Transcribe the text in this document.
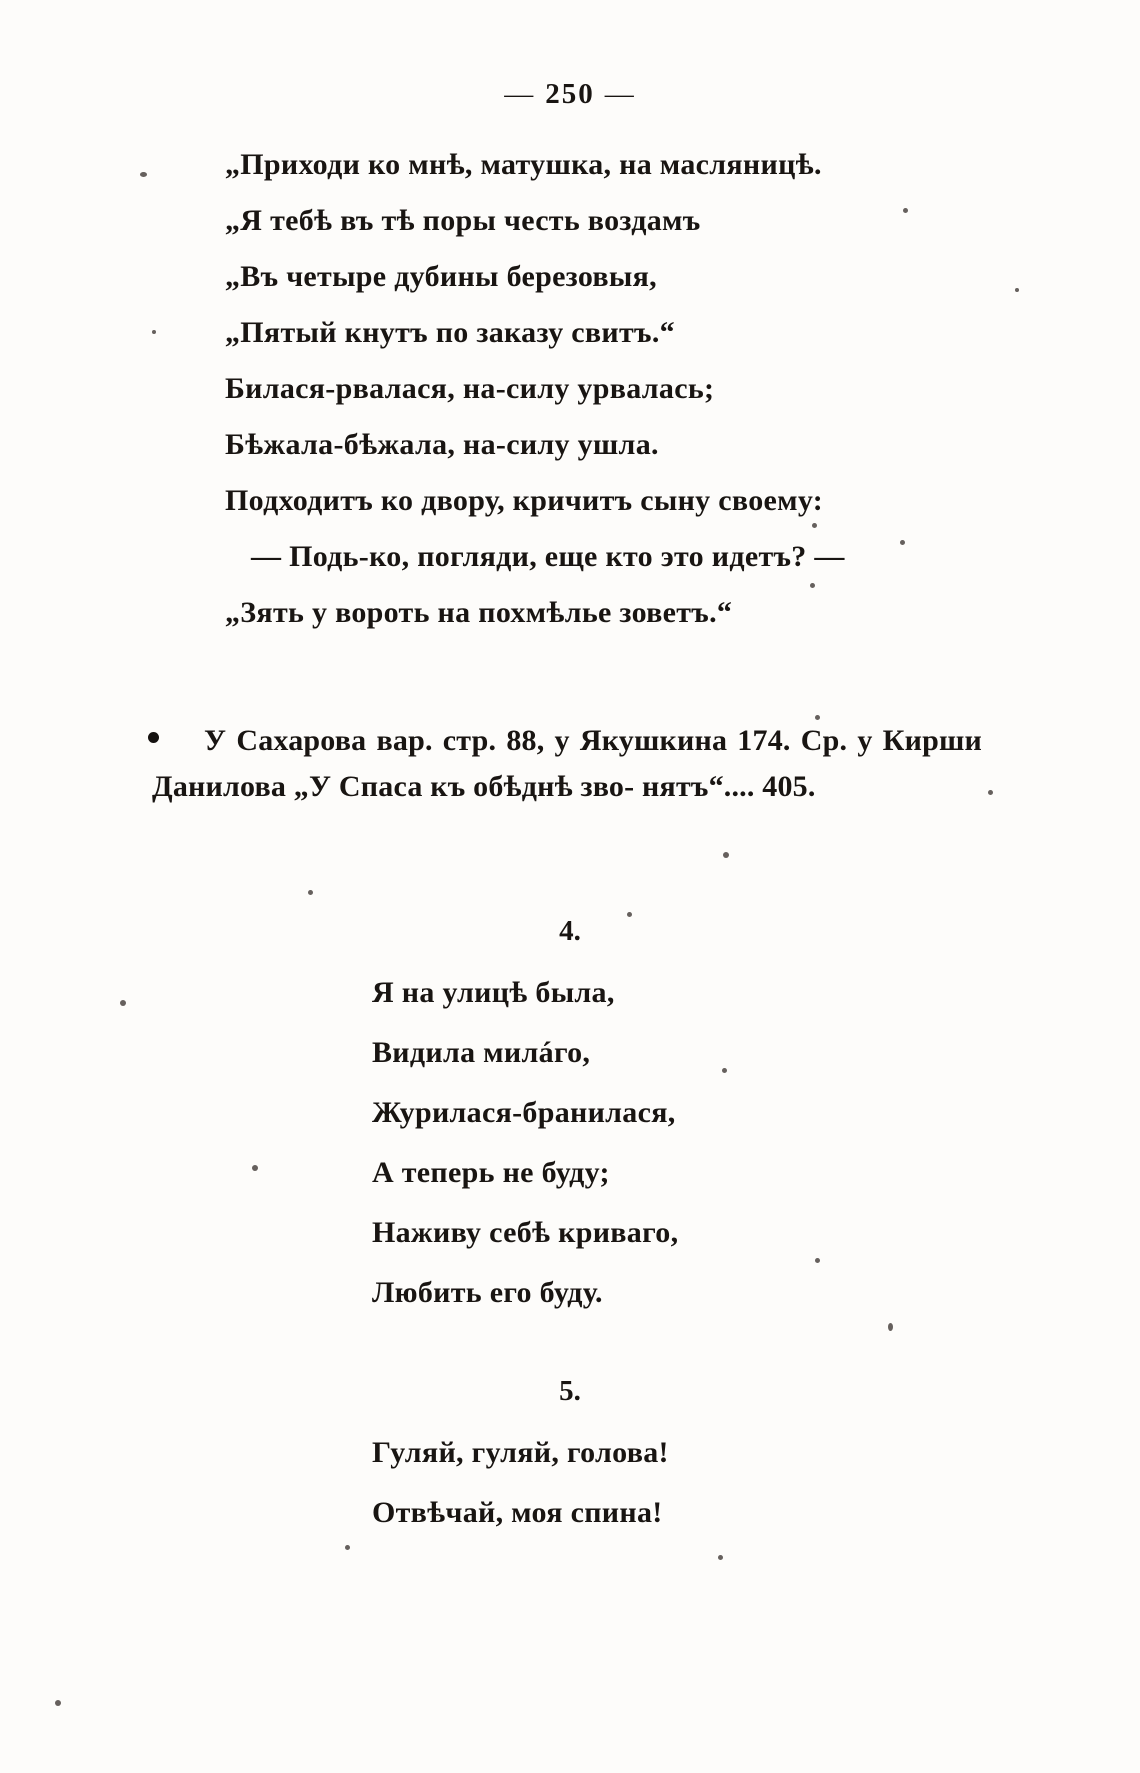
— 250 —
„Приходи ко мнѣ, матушка, на масляницѣ.
„Я тебѣ въ тѣ поры честь воздамъ
„Въ четыре дубины березовыя,
„Пятый кнутъ по заказу свитъ.“
Билася-рвалася, на-силу урвалась;
Бѣжала-бѣжала, на-силу ушла.
Подходитъ ко двору, кричитъ сыну своему:
— Подь-ко, погляди, еще кто это идетъ? —
„Зять у вороть на похмѣлье зоветъ.“
У Сахарова вар. стр. 88, у Якушкина 174. Ср. у Кирши Данилова „У Спаса къ обѣднѣ зво- нятъ“.... 405.
4.
Я на улицѣ была,
Видила милáго,
Журилася-бранилася,
А теперь не буду;
Наживу себѣ криваго,
Любить его буду.
5.
Гуляй, гуляй, голова!
Отвѣчай, моя спина!
